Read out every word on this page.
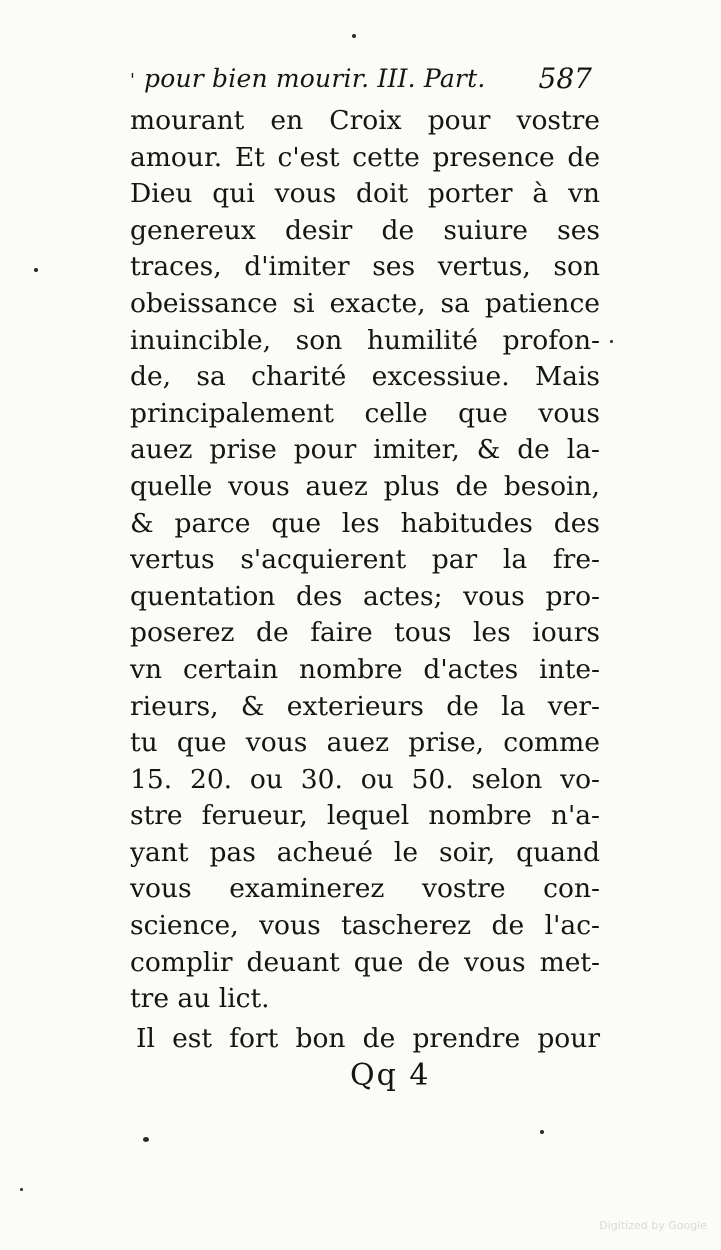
' pour bien mourir. III. Part. 587
mourant en Croix pour vostre
amour. Et c'est cette presence de
Dieu qui vous doit porter à vn
genereux desir de suiure ses
traces, d'imiter ses vertus, son
obeissance si exacte, sa patience
inuincible, son humilité profon-
de, sa charité excessiue. Mais
principalement celle que vous
auez prise pour imiter, & de la-
quelle vous auez plus de besoin,
& parce que les habitudes des
vertus s'acquierent par la fre-
quentation des actes; vous pro-
poserez de faire tous les iours
vn certain nombre d'actes inte-
rieurs, & exterieurs de la ver-
tu que vous auez prise, comme
15. 20. ou 30. ou 50. selon vo-
stre ferueur, lequel nombre n'a-
yant pas acheué le soir, quand
vous examinerez vostre con-
science, vous tascherez de l'ac-
complir deuant que de vous met-
tre au lict.
Il est fort bon de prendre pour
Qq 4
Digitized by Google
